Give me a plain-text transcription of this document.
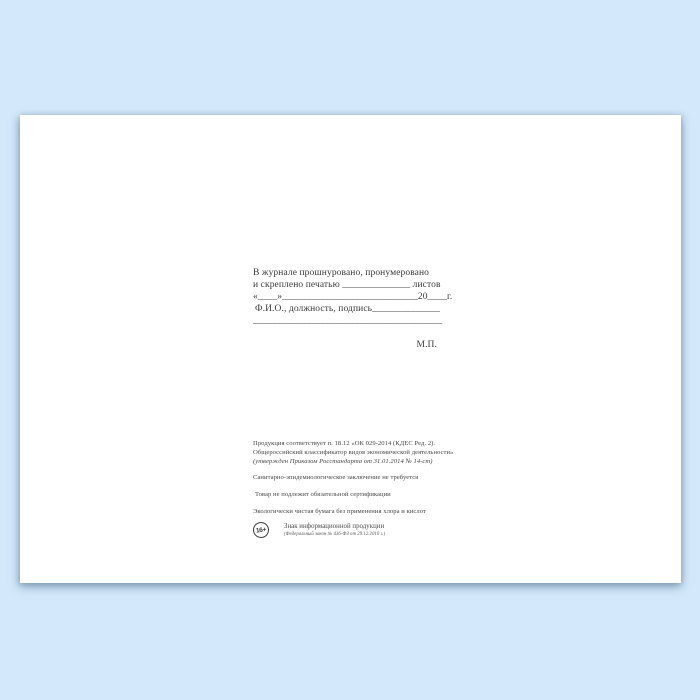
В журнале прошнуровано, пронумеровано
и скреплено печатью ______________ листов
«____»____________________________20____г.
Ф.И.О., должность, подпись______________
_______________________________________
М.П.
Продукция соответствует п. 18.12 «ОК 029-2014 (КДЕС Ред. 2).
Общероссийский классификатор видов экономической деятельности»
(утвержден Приказом Росстандарта от 31.01.2014 № 14-ст)
Санитарно-эпидемиологическое заключение не требуется
Товар не подлежит обязательной сертификации
Экологически чистая бумага без применения хлора и кислот
16+	Знак информационной продукции
(Федеральный закон № 436-ФЗ от 29.12.2010 г.)
